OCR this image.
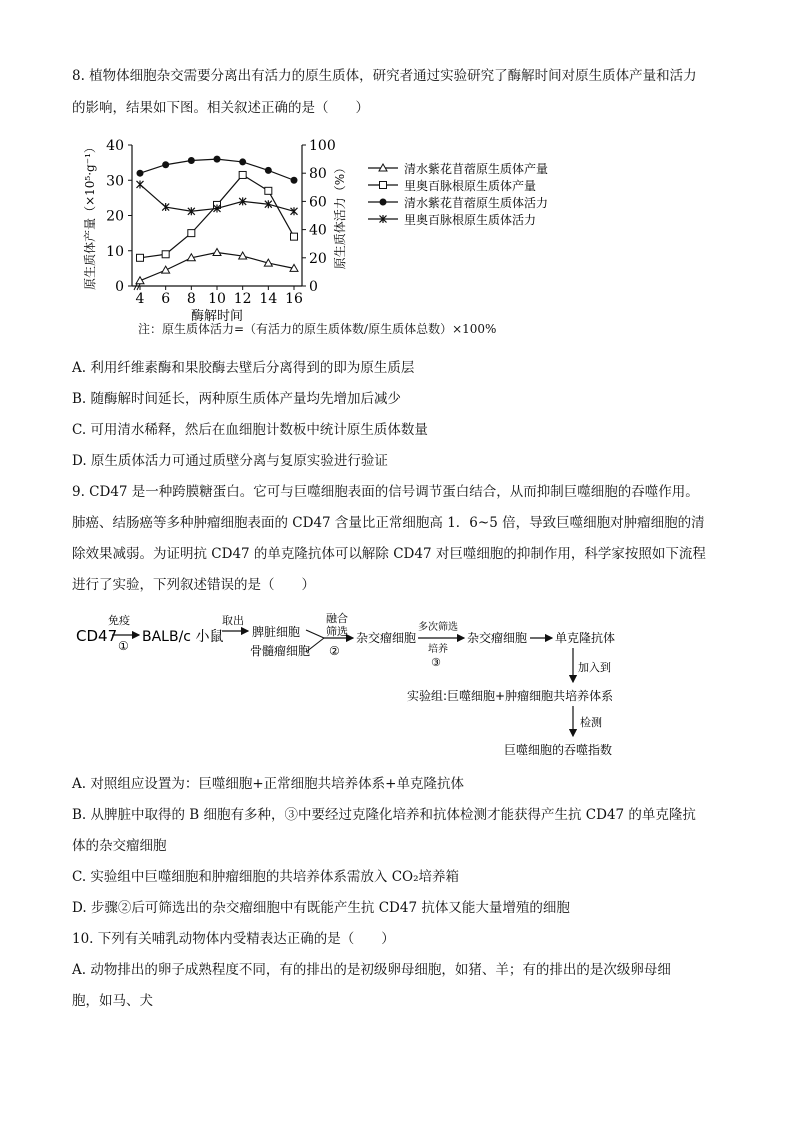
8. 植物体细胞杂交需要分离出有活力的原生质体，研究者通过实验研究了酶解时间对原生质体产量和活力
的影响，结果如下图。相关叙述正确的是（　　）
0
10
20
30
40
0
20
40
60
80
100
4 6 8 10 12 14 16
酶解时间
原生质体产量（×10⁵·g⁻¹）	原生质体活力（%）	清水紫花苜蓿原生质体产量
里奥百脉根原生质体产量
清水紫花苜蓿原生质体活力
里奥百脉根原生质体活力
注：原生质体活力=（有活力的原生质体数/原生质体总数）×100%
A. 利用纤维素酶和果胶酶去壁后分离得到的即为原生质层
B. 随酶解时间延长，两种原生质体产量均先增加后减少
C. 可用清水稀释，然后在血细胞计数板中统计原生质体数量
D. 原生质体活力可通过质壁分离与复原实验进行验证
9. CD47 是一种跨膜糖蛋白。它可与巨噬细胞表面的信号调节蛋白结合，从而抑制巨噬细胞的吞噬作用。
肺癌、结肠癌等多种肿瘤细胞表面的 CD47 含量比正常细胞高 1．6~5 倍，导致巨噬细胞对肿瘤细胞的清
除效果减弱。为证明抗 CD47 的单克隆抗体可以解除 CD47 对巨噬细胞的抑制作用，科学家按照如下流程
进行了实验，下列叙述错误的是（　　）
CD47
免疫
①
BALB/c 小鼠
取出
脾脏细胞
骨髓瘤细胞
融合
筛选
②
杂交瘤细胞
多次筛选
培养
③
杂交瘤细胞 单克隆抗体
加入到
实验组:巨噬细胞+肿瘤细胞共培养体系
检测
巨噬细胞的吞噬指数
A. 对照组应设置为：巨噬细胞+正常细胞共培养体系+单克隆抗体
B. 从脾脏中取得的 B 细胞有多种，③中要经过克隆化培养和抗体检测才能获得产生抗 CD47 的单克隆抗
体的杂交瘤细胞
C. 实验组中巨噬细胞和肿瘤细胞的共培养体系需放入 CO₂培养箱
D. 步骤②后可筛选出的杂交瘤细胞中有既能产生抗 CD47 抗体又能大量增殖的细胞
10. 下列有关哺乳动物体内受精表达正确的是（　　）
A. 动物排出的卵子成熟程度不同，有的排出的是初级卵母细胞，如猪、羊；有的排出的是次级卵母细
胞，如马、犬
